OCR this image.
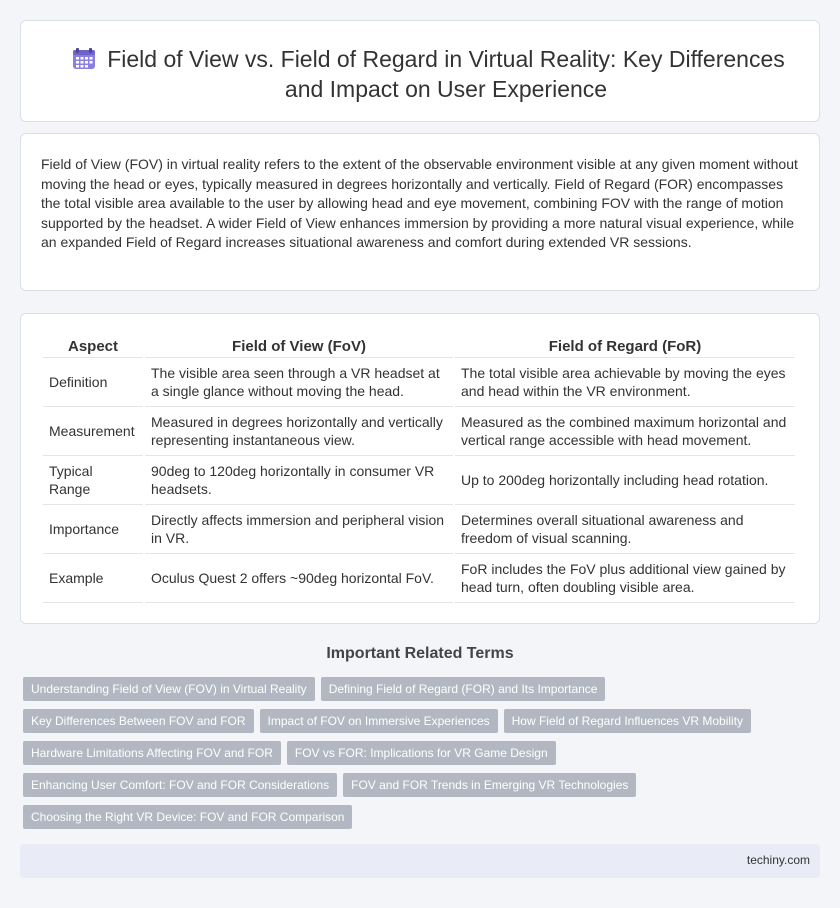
Field of View vs. Field of Regard in Virtual Reality: Key Differences and Impact on User Experience

Field of View (FOV) in virtual reality refers to the extent of the observable environment visible at any given moment without moving the head or eyes, typically measured in degrees horizontally and vertically. Field of Regard (FOR) encompasses the total visible area available to the user by allowing head and eye movement, combining FOV with the range of motion supported by the headset. A wider Field of View enhances immersion by providing a more natural visual experience, while an expanded Field of Regard increases situational awareness and comfort during extended VR sessions.

Aspect	Field of View (FoV)	Field of Regard (FoR)
Definition	The visible area seen through a VR headset at a single glance without moving the head.	The total visible area achievable by moving the eyes and head within the VR environment.
Measurement	Measured in degrees horizontally and vertically representing instantaneous view.	Measured as the combined maximum horizontal and vertical range accessible with head movement.
Typical Range	90deg to 120deg horizontally in consumer VR headsets.	Up to 200deg horizontally including head rotation.
Importance	Directly affects immersion and peripheral vision in VR.	Determines overall situational awareness and freedom of visual scanning.
Example	Oculus Quest 2 offers ~90deg horizontal FoV.	FoR includes the FoV plus additional view gained by head turn, often doubling visible area.
Important Related Terms
Understanding Field of View (FOV) in Virtual Reality Defining Field of Regard (FOR) and Its Importance
Key Differences Between FOV and FOR Impact of FOV on Immersive Experiences How Field of Regard Influences VR Mobility
Hardware Limitations Affecting FOV and FOR FOV vs FOR: Implications for VR Game Design
Enhancing User Comfort: FOV and FOR Considerations FOV and FOR Trends in Emerging VR Technologies
Choosing the Right VR Device: FOV and FOR Comparison
techiny.com
